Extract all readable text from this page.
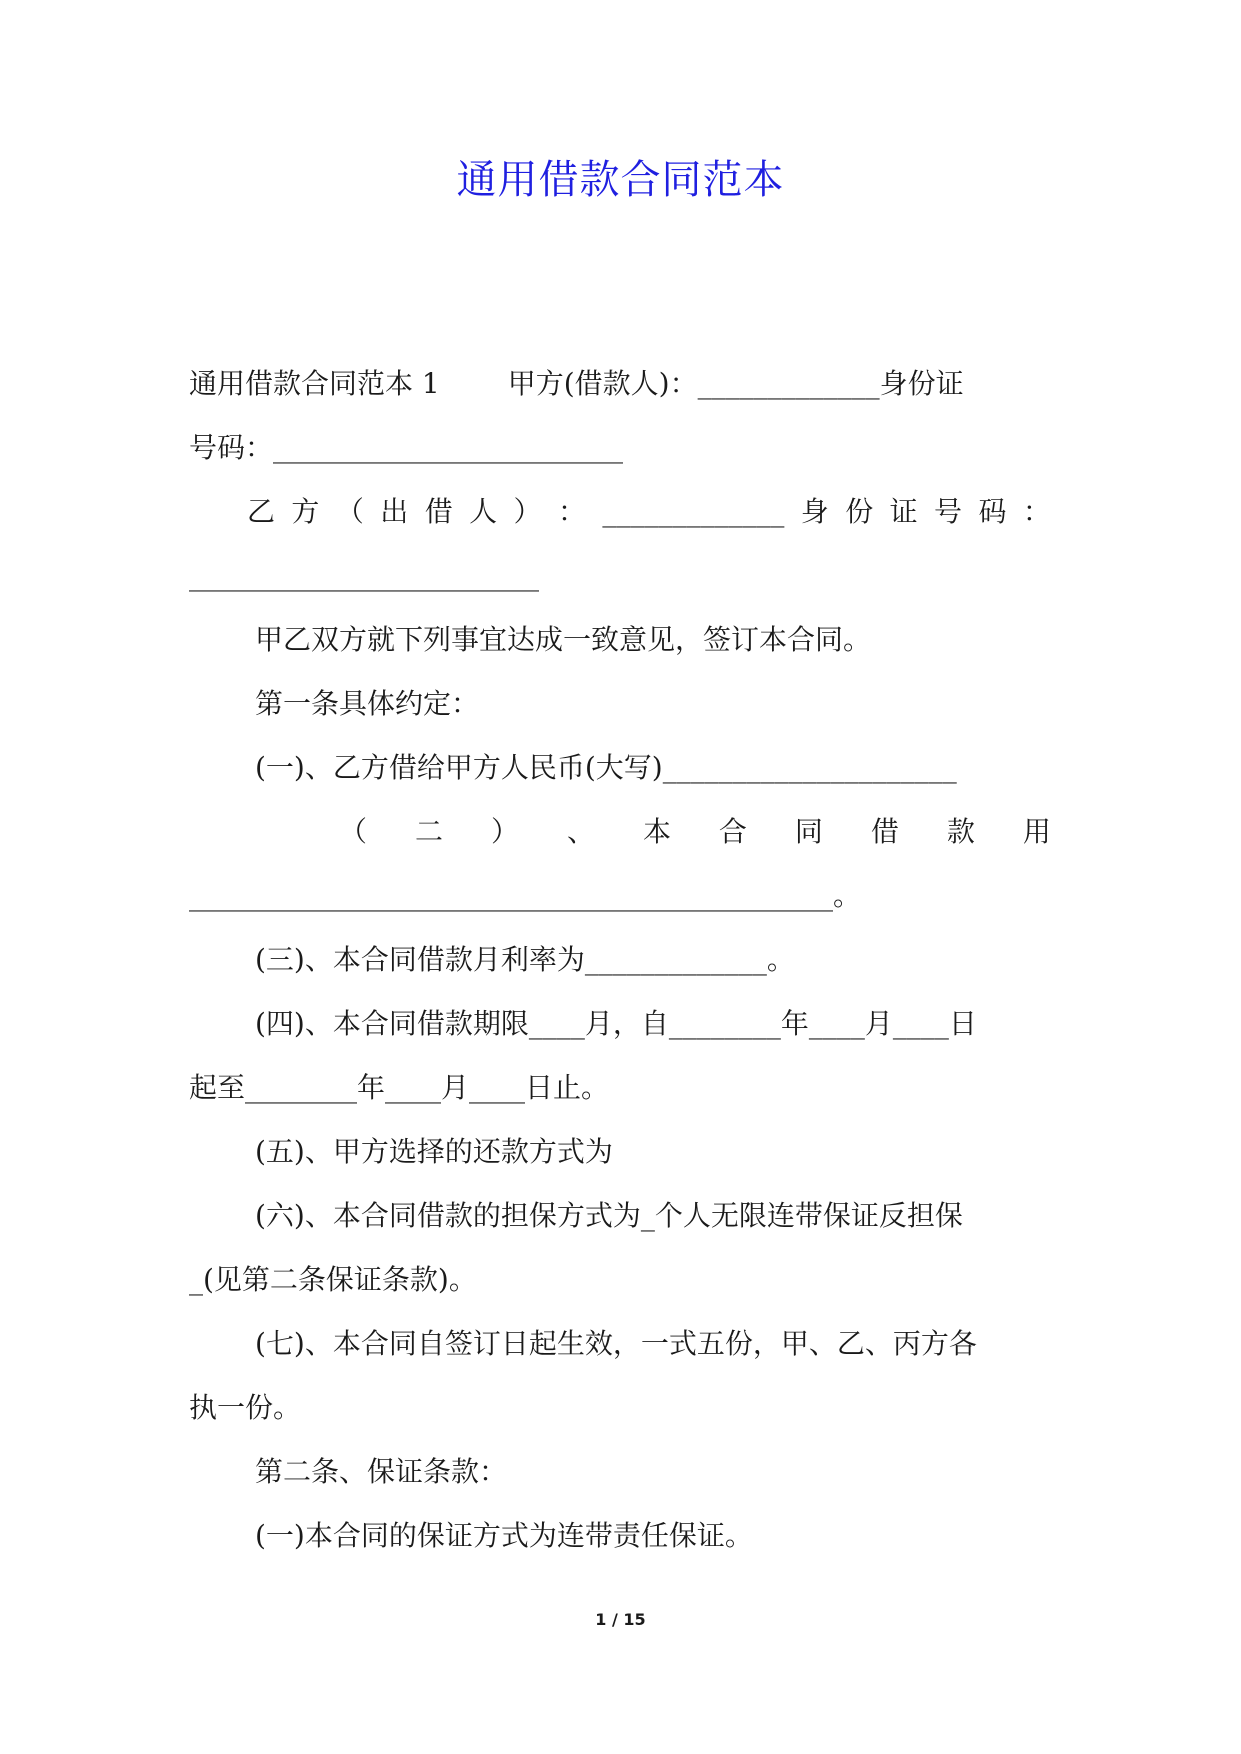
通用借款合同范本

通用借款合同范本 1 甲方(借款人)：_____________身份证

号码：_________________________

乙 方 （ 出 借 人 ） ： _____________ 身 份 证 号 码 ：

_________________________

甲乙双方就下列事宜达成一致意见，签订本合同。

第一条具体约定：

(一)、乙方借给甲方人民币(大写)_____________________

（ 二 ） 、 本 合 同 借 款 用

______________________________________________。

(三)、本合同借款月利率为_____________。

(四)、本合同借款期限____月，自________年____月____日

起至________年____月____日止。

(五)、甲方选择的还款方式为

(六)、本合同借款的担保方式为_个人无限连带保证反担保

_(见第二条保证条款)。

(七)、本合同自签订日起生效，一式五份，甲、乙、丙方各

执一份。

第二条、保证条款：

(一)本合同的保证方式为连带责任保证。

1 / 15
